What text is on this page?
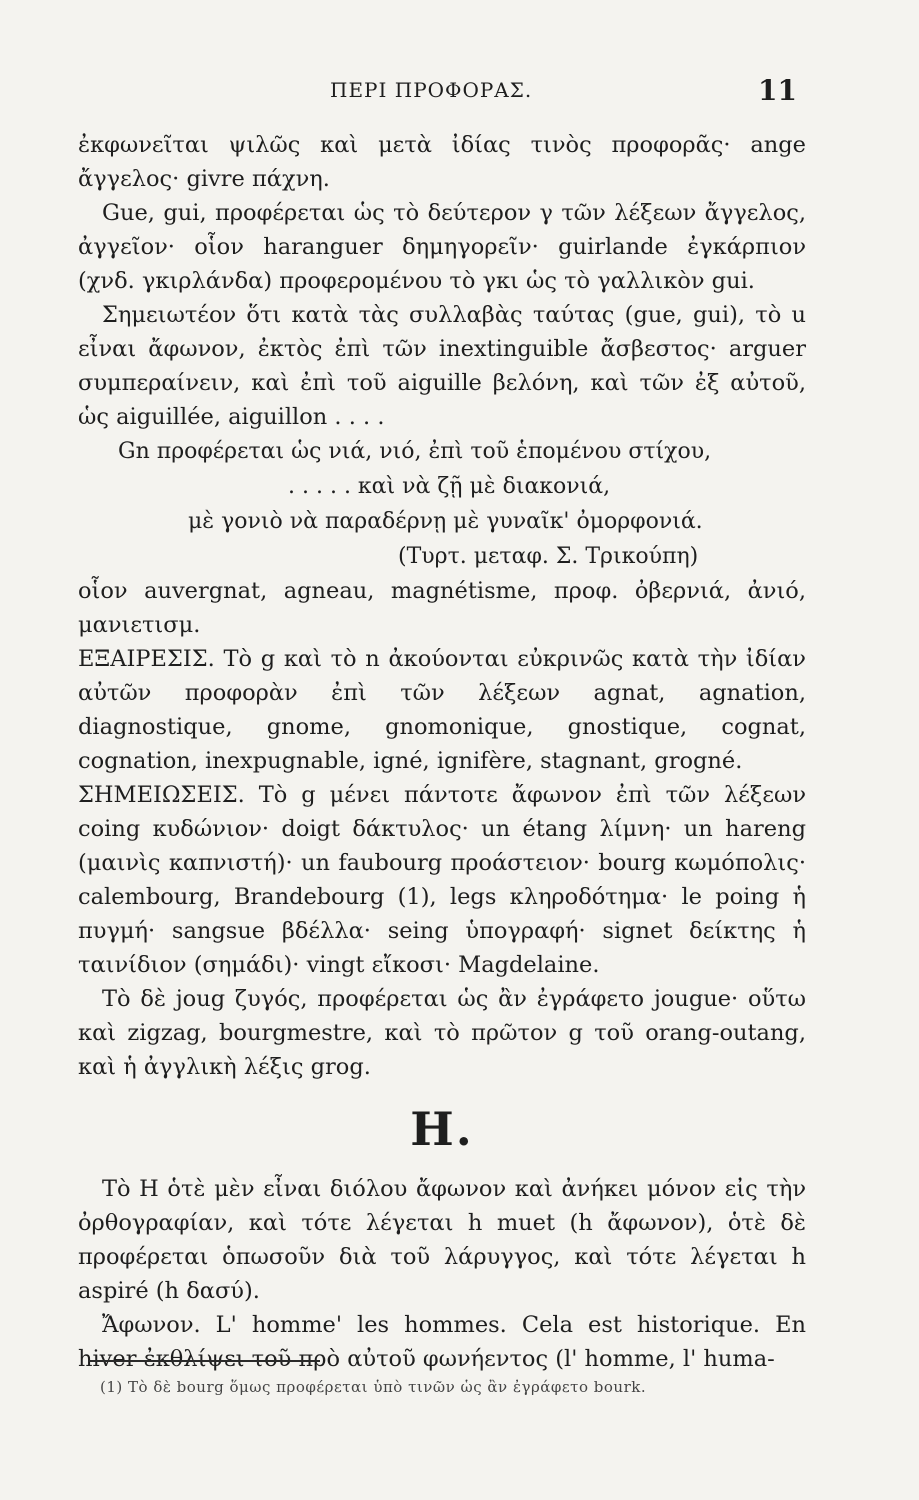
ΠΕΡΙ ΠΡΟΦΟΡΑΣ.	11

ἐκφωνεῖται ψιλῶς καὶ μετὰ ἰδίας τινὸς προφορᾶς· ange ἄγγελος· givre πάχνη.

Gue, gui, προφέρεται ὡς τὸ δεύτερον γ τῶν λέξεων ἄγγελος, ἀγγεῖον· οἷον haranguer δημηγορεῖν· guirlande ἐγκάρπιον (χνδ. γκιρλάνδα) προφερομένου τὸ γκι ὡς τὸ γαλλικὸν gui.

Σημειωτέον ὅτι κατὰ τὰς συλλαβὰς ταύτας (gue, gui), τὸ u εἶναι ἄφωνον, ἐκτὸς ἐπὶ τῶν inextinguible ἄσβεστος· arguer συμπεραίνειν, καὶ ἐπὶ τοῦ aiguille βελόνη, καὶ τῶν ἐξ αὐτοῦ, ὡς aiguillée, aiguillon . . . .

Gn προφέρεται ὡς νιά, νιό, ἐπὶ τοῦ ἑπομένου στίχου,
. . . . . καὶ νὰ ζῇ μὲ διακονιά,
μὲ γονιὸ νὰ παραδέρνῃ μὲ γυναῖκ' ὀμορφονιά.
(Τυρτ. μεταφ. Σ. Τρικούπη)

οἷον auvergnat, agneau, magnétisme, προφ. ὀβερνιά, ἀνιό, μανιετισμ.

ΕΞΑΙΡΕΣΙΣ. Τὸ g καὶ τὸ n ἀκούονται εὐκρινῶς κατὰ τὴν ἰδίαν αὐτῶν προφορὰν ἐπὶ τῶν λέξεων agnat, agnation, diagnostique, gnome, gnomonique, gnostique, cognat, cognation, inexpugnable, igné, ignifère, stagnant, grogné.

ΣΗΜΕΙΩΣΕΙΣ. Τὸ g μένει πάντοτε ἄφωνον ἐπὶ τῶν λέξεων coing κυδώνιον· doigt δάκτυλος· un étang λίμνη· un hareng (μαινὶς καπνιστή)· un faubourg προάστειον· bourg κωμόπολις· calembourg, Brandebourg (1), legs κληροδότημα· le poing ἡ πυγμή· sangsue βδέλλα· seing ὑπογραφή· signet δείκτης ἡ ταινίδιον (σημάδι)· vingt εἴκοσι· Magdelaine.

Τὸ δὲ joug ζυγός, προφέρεται ὡς ἂν ἐγράφετο jougue· οὕτω καὶ zigzag, bourgmestre, καὶ τὸ πρῶτον g τοῦ orang-outang, καὶ ἡ ἀγγλικὴ λέξις grog.

H.

Τὸ H ὁτὲ μὲν εἶναι διόλου ἄφωνον καὶ ἀνήκει μόνον εἰς τὴν ὀρθογραφίαν, καὶ τότε λέγεται h muet (h ἄφωνον), ὁτὲ δὲ προφέρεται ὁπωσοῦν διὰ τοῦ λάρυγγος, καὶ τότε λέγεται h aspiré (h δασύ).

Ἄφωνον. L' homme' les hommes. Cela est historique. En hiver ἐκθλίψει τοῦ πρὸ αὐτοῦ φωνήεντος (l' homme, l' huma-

(1) Τὸ δὲ bourg ὅμως προφέρεται ὑπὸ τινῶν ὡς ἂν ἐγράφετο bourk.
